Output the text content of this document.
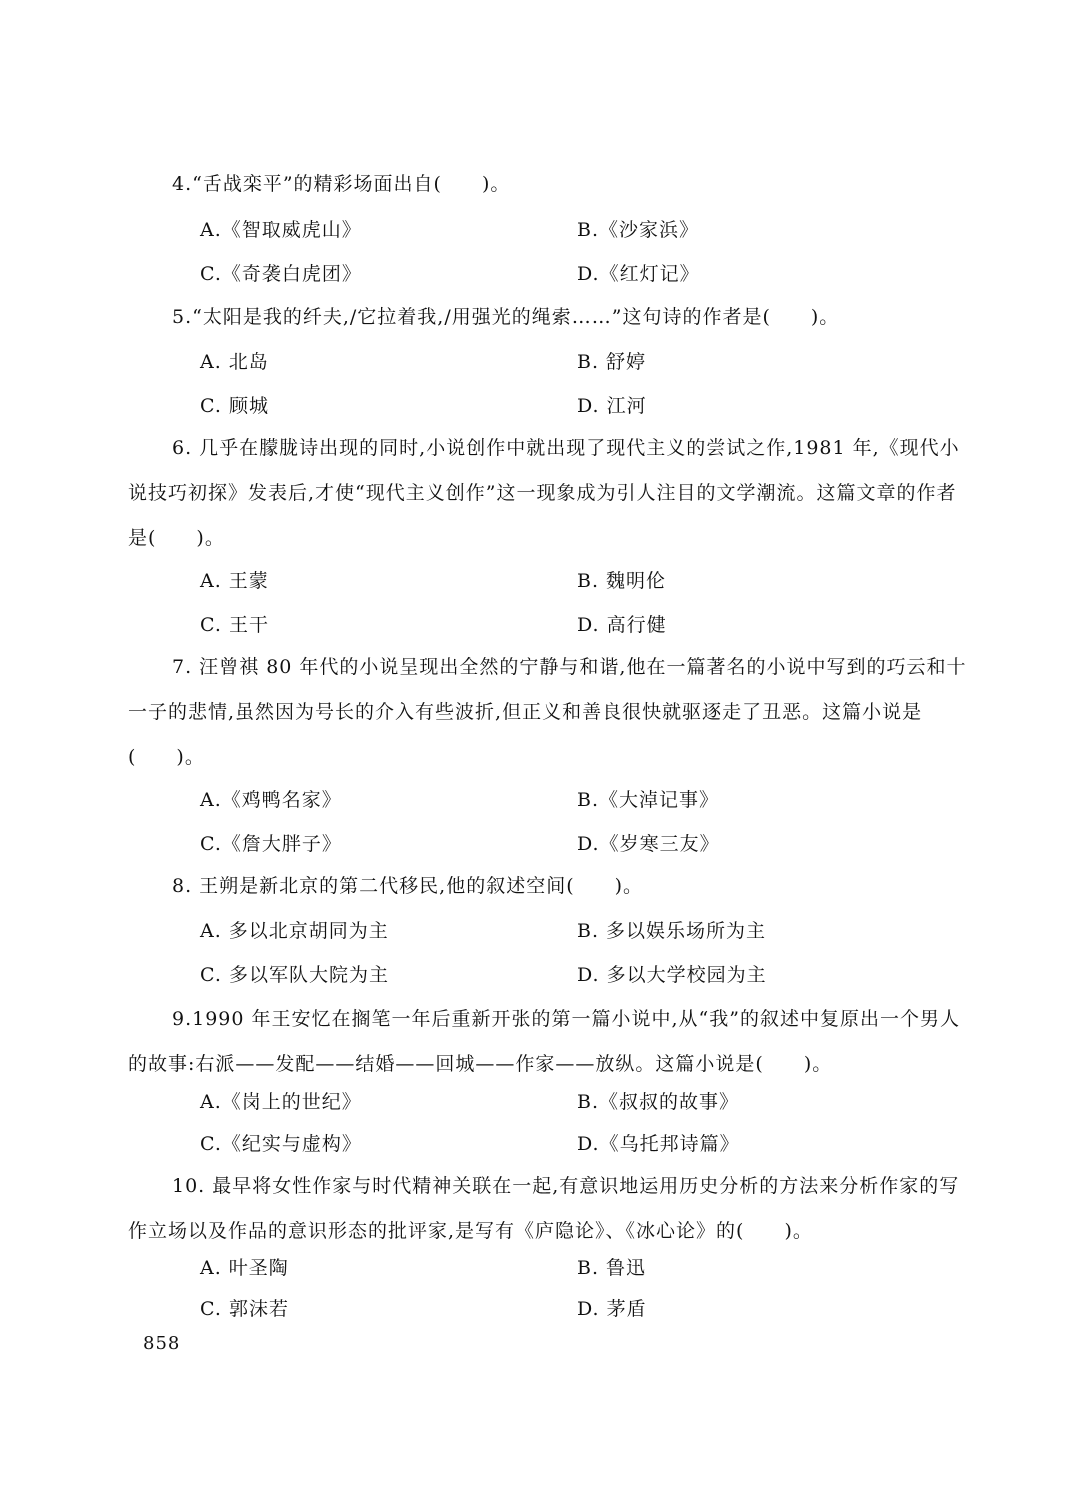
4.“舌战栾平”的精彩场面出自(　　)。

A.《智取威虎山》	B.《沙家浜》

C.《奇袭白虎团》	D.《红灯记》

5.“太阳是我的纤夫,/它拉着我,/用强光的绳索……”这句诗的作者是(　　)。

A. 北岛	B. 舒婷

C. 顾城	D. 江河

6. 几乎在朦胧诗出现的同时,小说创作中就出现了现代主义的尝试之作,1981 年,《现代小说技巧初探》发表后,才使“现代主义创作”这一现象成为引人注目的文学潮流。这篇文章的作者是(　　)。

A. 王蒙	B. 魏明伦

C. 王干	D. 高行健

7. 汪曾祺 80 年代的小说呈现出全然的宁静与和谐,他在一篇著名的小说中写到的巧云和十一子的悲情,虽然因为号长的介入有些波折,但正义和善良很快就驱逐走了丑恶。这篇小说是(　　)。

A.《鸡鸭名家》	B.《大淖记事》

C.《詹大胖子》	D.《岁寒三友》

8. 王朔是新北京的第二代移民,他的叙述空间(　　)。

A. 多以北京胡同为主	B. 多以娱乐场所为主

C. 多以军队大院为主	D. 多以大学校园为主

9.1990 年王安忆在搁笔一年后重新开张的第一篇小说中,从“我”的叙述中复原出一个男人的故事:右派——发配——结婚——回城——作家——放纵。这篇小说是(　　)。

A.《岗上的世纪》	B.《叔叔的故事》

C.《纪实与虚构》	D.《乌托邦诗篇》

10. 最早将女性作家与时代精神关联在一起,有意识地运用历史分析的方法来分析作家的写作立场以及作品的意识形态的批评家,是写有《庐隐论》、《冰心论》的(　　)。

A. 叶圣陶	B. 鲁迅

C. 郭沫若	D. 茅盾

858
